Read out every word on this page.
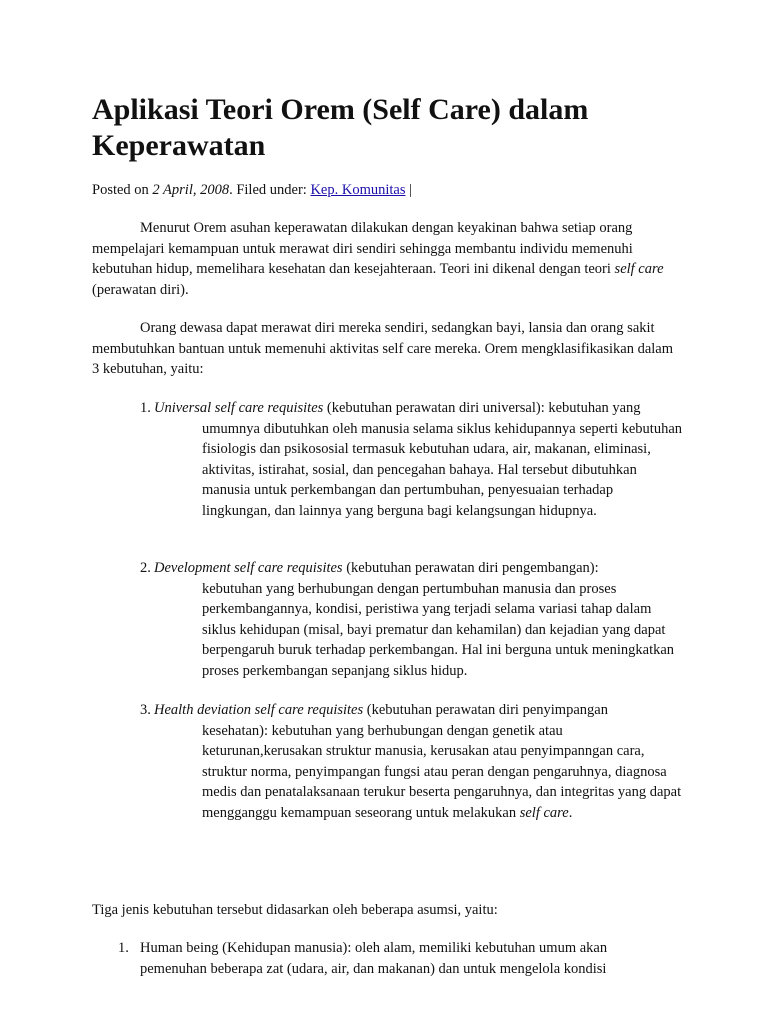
Aplikasi Teori Orem (Self Care) dalam Keperawatan
Posted on 2 April, 2008. Filed under: Kep. Komunitas |

Menurut Orem asuhan keperawatan dilakukan dengan keyakinan bahwa setiap orang mempelajari kemampuan untuk merawat diri sendiri sehingga membantu individu memenuhi kebutuhan hidup, memelihara kesehatan dan kesejahteraan. Teori ini dikenal dengan teori self care (perawatan diri).

Orang dewasa dapat merawat diri mereka sendiri, sedangkan bayi, lansia dan orang sakit membutuhkan bantuan untuk memenuhi aktivitas self care mereka. Orem mengklasifikasikan dalam 3 kebutuhan, yaitu:

1. Universal self care requisites (kebutuhan perawatan diri universal): kebutuhan yang
umumnya dibutuhkan oleh manusia selama siklus kehidupannya seperti kebutuhan fisiologis dan psikososial termasuk kebutuhan udara, air, makanan, eliminasi, aktivitas, istirahat, sosial, dan pencegahan bahaya. Hal tersebut dibutuhkan manusia untuk perkembangan dan pertumbuhan, penyesuaian terhadap lingkungan, dan lainnya yang berguna bagi kelangsungan hidupnya.
2. Development self care requisites (kebutuhan perawatan diri pengembangan):
kebutuhan yang berhubungan dengan pertumbuhan manusia dan proses perkembangannya, kondisi, peristiwa yang terjadi selama variasi tahap dalam siklus kehidupan (misal, bayi prematur dan kehamilan) dan kejadian yang dapat berpengaruh buruk terhadap perkembangan. Hal ini berguna untuk meningkatkan proses perkembangan sepanjang siklus hidup.
3. Health deviation self care requisites (kebutuhan perawatan diri penyimpangan
kesehatan): kebutuhan yang berhubungan dengan genetik atau keturunan,kerusakan struktur manusia, kerusakan atau penyimpanngan cara, struktur norma, penyimpangan fungsi atau peran dengan pengaruhnya, diagnosa medis dan penatalaksanaan terukur beserta pengaruhnya, dan integritas yang dapat mengganggu kemampuan seseorang untuk melakukan self care.
Tiga jenis kebutuhan tersebut didasarkan oleh beberapa asumsi, yaitu:
1. Human being (Kehidupan manusia): oleh alam, memiliki kebutuhan umum akan pemenuhan beberapa zat (udara, air, dan makanan) dan untuk mengelola kondisi
